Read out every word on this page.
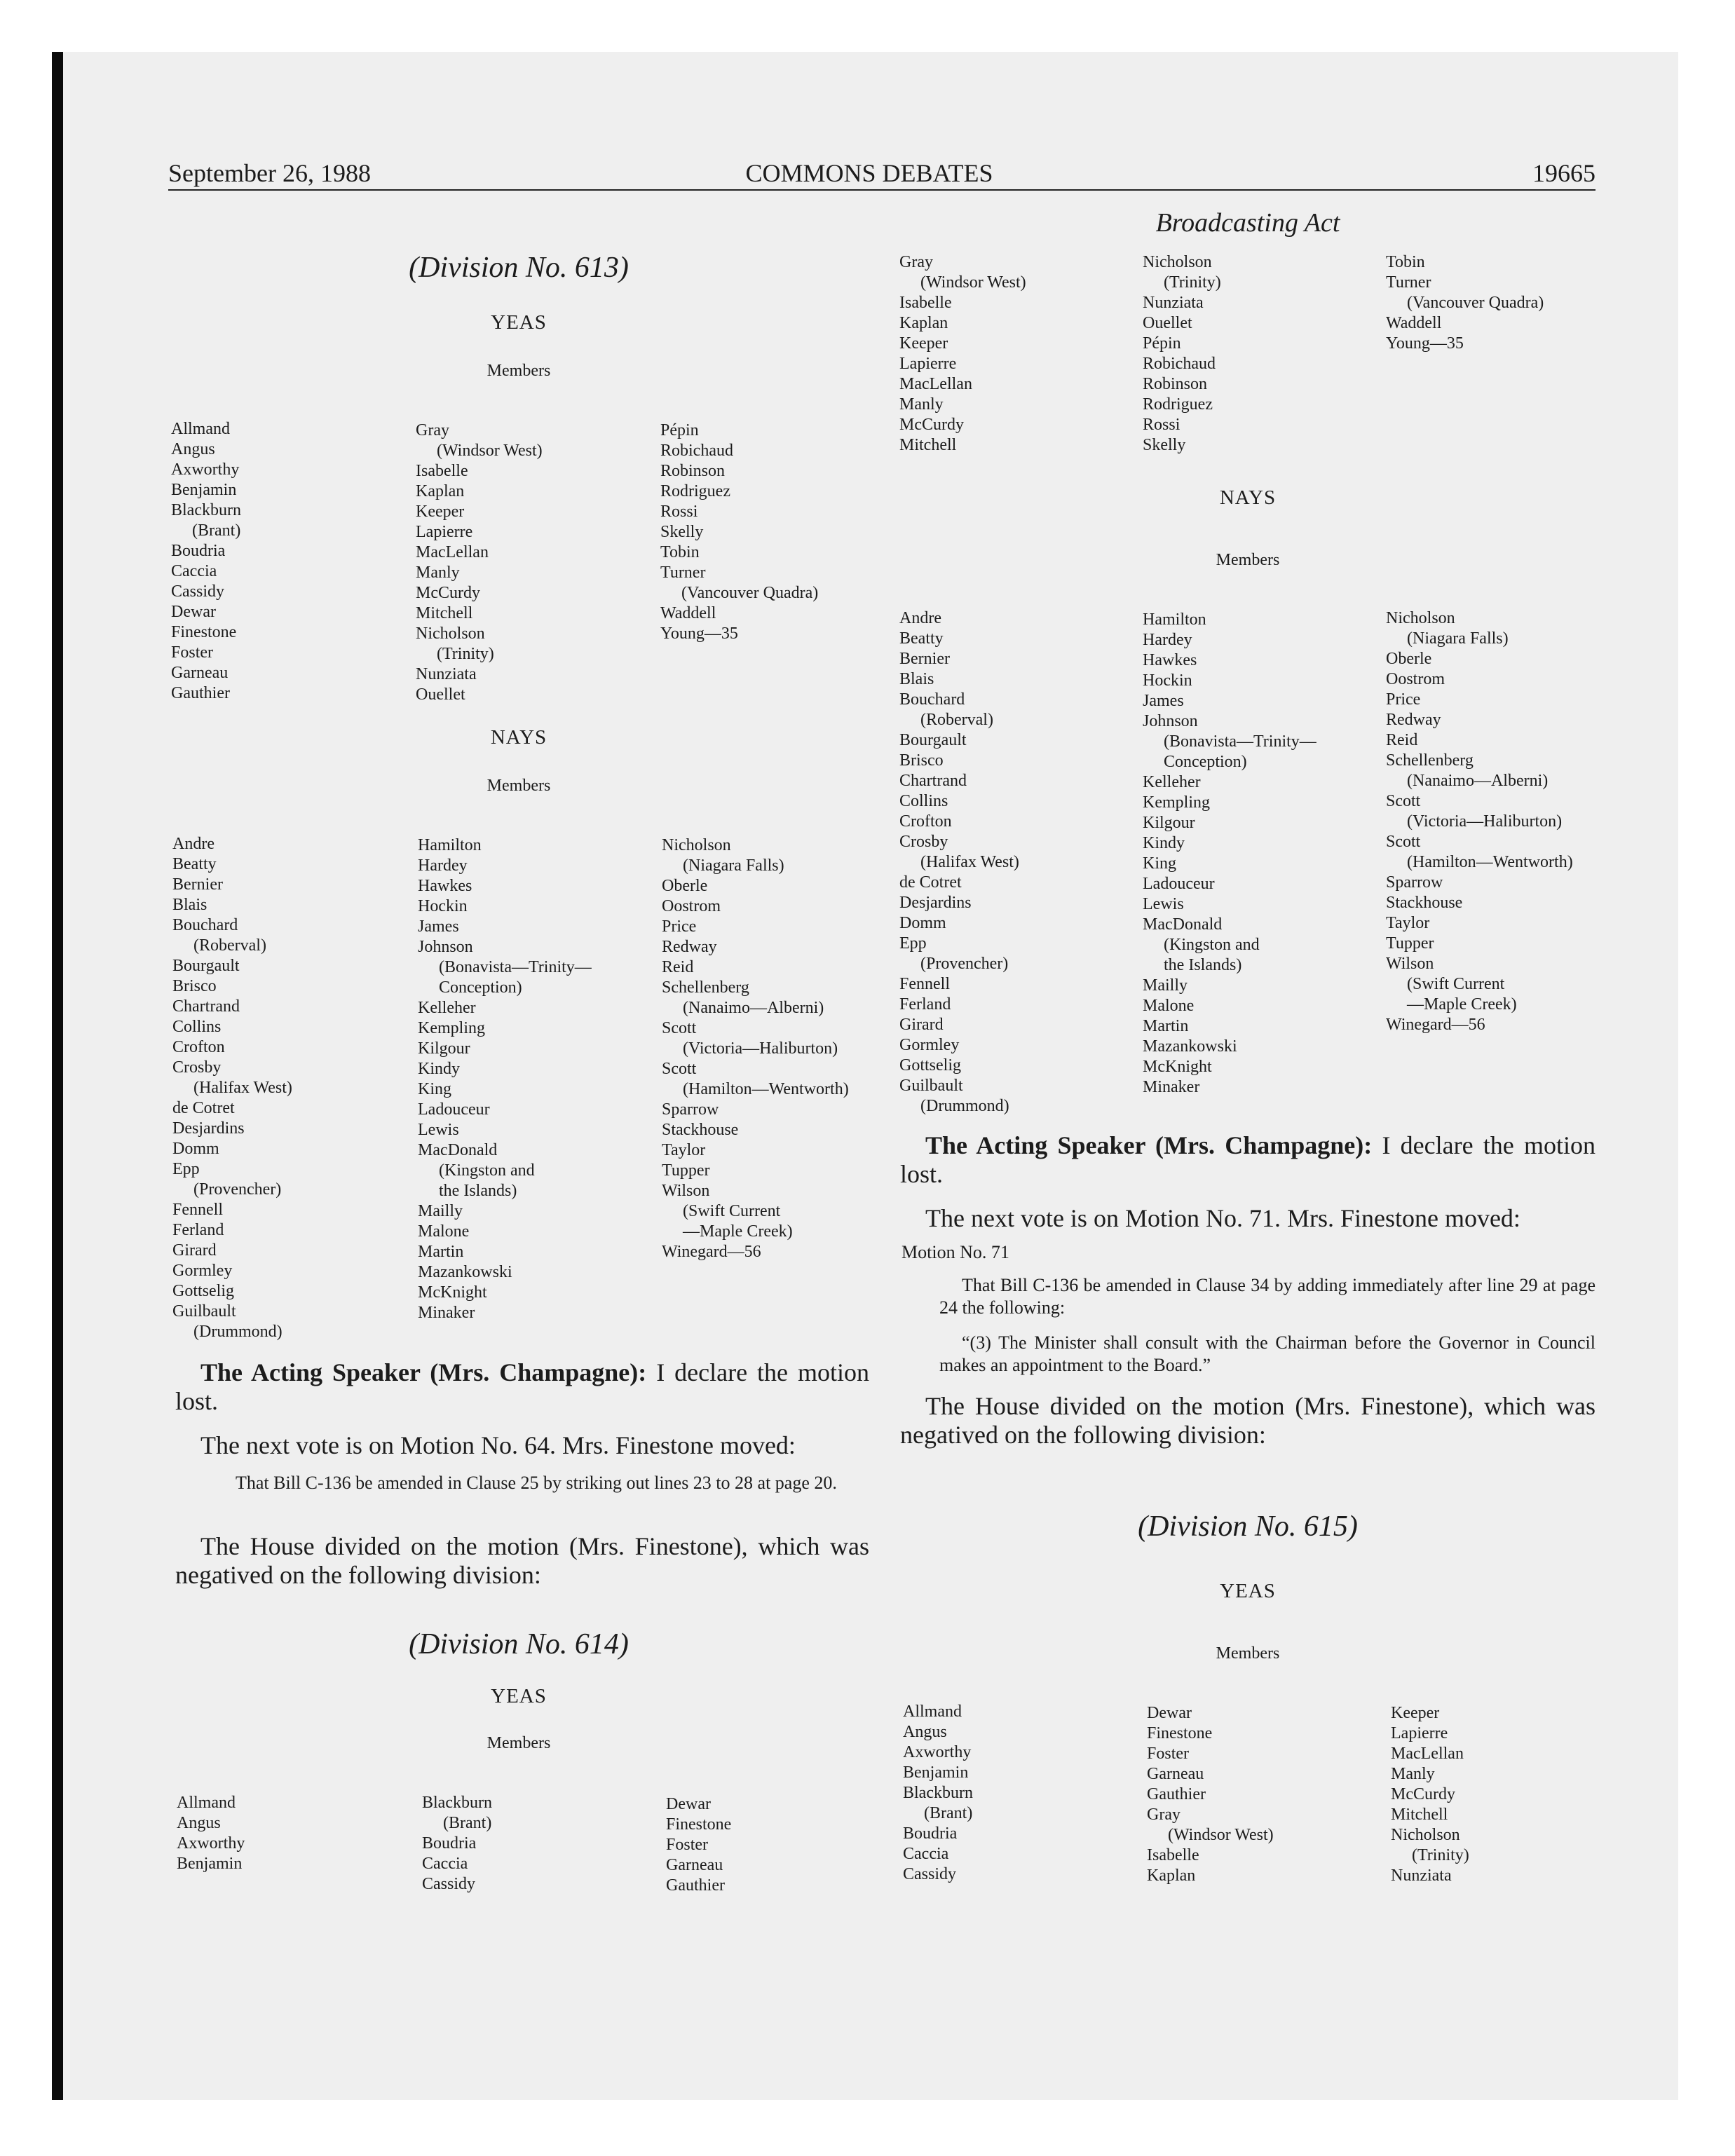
September 26, 1988	COMMONS DEBATES	19665
Broadcasting Act
(Division No. 613)
YEAS
Members
Allmand
Angus
Axworthy
Benjamin
Blackburn
(Brant)
Boudria
Caccia
Cassidy
Dewar
Finestone
Foster
Garneau
Gauthier
Gray
(Windsor West)
Isabelle
Kaplan
Keeper
Lapierre
MacLellan
Manly
McCurdy
Mitchell
Nicholson
(Trinity)
Nunziata
Ouellet
Pépin
Robichaud
Robinson
Rodriguez
Rossi
Skelly
Tobin
Turner
(Vancouver Quadra)
Waddell
Young—35
NAYS
Members
Andre
Beatty
Bernier
Blais
Bouchard
(Roberval)
Bourgault
Brisco
Chartrand
Collins
Crofton
Crosby
(Halifax West)
de Cotret
Desjardins
Domm
Epp
(Provencher)
Fennell
Ferland
Girard
Gormley
Gottselig
Guilbault
(Drummond)
Hamilton
Hardey
Hawkes
Hockin
James
Johnson
(Bonavista—Trinity—
Conception)
Kelleher
Kempling
Kilgour
Kindy
King
Ladouceur
Lewis
MacDonald
(Kingston and
the Islands)
Mailly
Malone
Martin
Mazankowski
McKnight
Minaker
Nicholson
(Niagara Falls)
Oberle
Oostrom
Price
Redway
Reid
Schellenberg
(Nanaimo—Alberni)
Scott
(Victoria—Haliburton)
Scott
(Hamilton—Wentworth)
Sparrow
Stackhouse
Taylor
Tupper
Wilson
(Swift Current
—Maple Creek)
Winegard—56
The Acting Speaker (Mrs. Champagne): I declare the motion lost.
The next vote is on Motion No. 64. Mrs. Finestone moved:
That Bill C-136 be amended in Clause 25 by striking out lines 23 to 28 at page 20.
The House divided on the motion (Mrs. Finestone), which was negatived on the following division:
(Division No. 614)
YEAS
Members
Allmand
Angus
Axworthy
Benjamin
Blackburn
(Brant)
Boudria
Caccia
Cassidy
Dewar
Finestone
Foster
Garneau
Gauthier
Gray
(Windsor West)
Isabelle
Kaplan
Keeper
Lapierre
MacLellan
Manly
McCurdy
Mitchell
Nicholson
(Trinity)
Nunziata
Ouellet
Pépin
Robichaud
Robinson
Rodriguez
Rossi
Skelly
Tobin
Turner
(Vancouver Quadra)
Waddell
Young—35
NAYS
Members
Andre
Beatty
Bernier
Blais
Bouchard
(Roberval)
Bourgault
Brisco
Chartrand
Collins
Crofton
Crosby
(Halifax West)
de Cotret
Desjardins
Domm
Epp
(Provencher)
Fennell
Ferland
Girard
Gormley
Gottselig
Guilbault
(Drummond)
Hamilton
Hardey
Hawkes
Hockin
James
Johnson
(Bonavista—Trinity—
Conception)
Kelleher
Kempling
Kilgour
Kindy
King
Ladouceur
Lewis
MacDonald
(Kingston and
the Islands)
Mailly
Malone
Martin
Mazankowski
McKnight
Minaker
Nicholson
(Niagara Falls)
Oberle
Oostrom
Price
Redway
Reid
Schellenberg
(Nanaimo—Alberni)
Scott
(Victoria—Haliburton)
Scott
(Hamilton—Wentworth)
Sparrow
Stackhouse
Taylor
Tupper
Wilson
(Swift Current
—Maple Creek)
Winegard—56
The Acting Speaker (Mrs. Champagne): I declare the motion lost.
The next vote is on Motion No. 71. Mrs. Finestone moved:
Motion No. 71
That Bill C-136 be amended in Clause 34 by adding immediately after line 29 at page 24 the following:
“(3) The Minister shall consult with the Chairman before the Governor in Council makes an appointment to the Board.”
The House divided on the motion (Mrs. Finestone), which was negatived on the following division:
(Division No. 615)
YEAS
Members
Allmand
Angus
Axworthy
Benjamin
Blackburn
(Brant)
Boudria
Caccia
Cassidy
Dewar
Finestone
Foster
Garneau
Gauthier
Gray
(Windsor West)
Isabelle
Kaplan
Keeper
Lapierre
MacLellan
Manly
McCurdy
Mitchell
Nicholson
(Trinity)
Nunziata
